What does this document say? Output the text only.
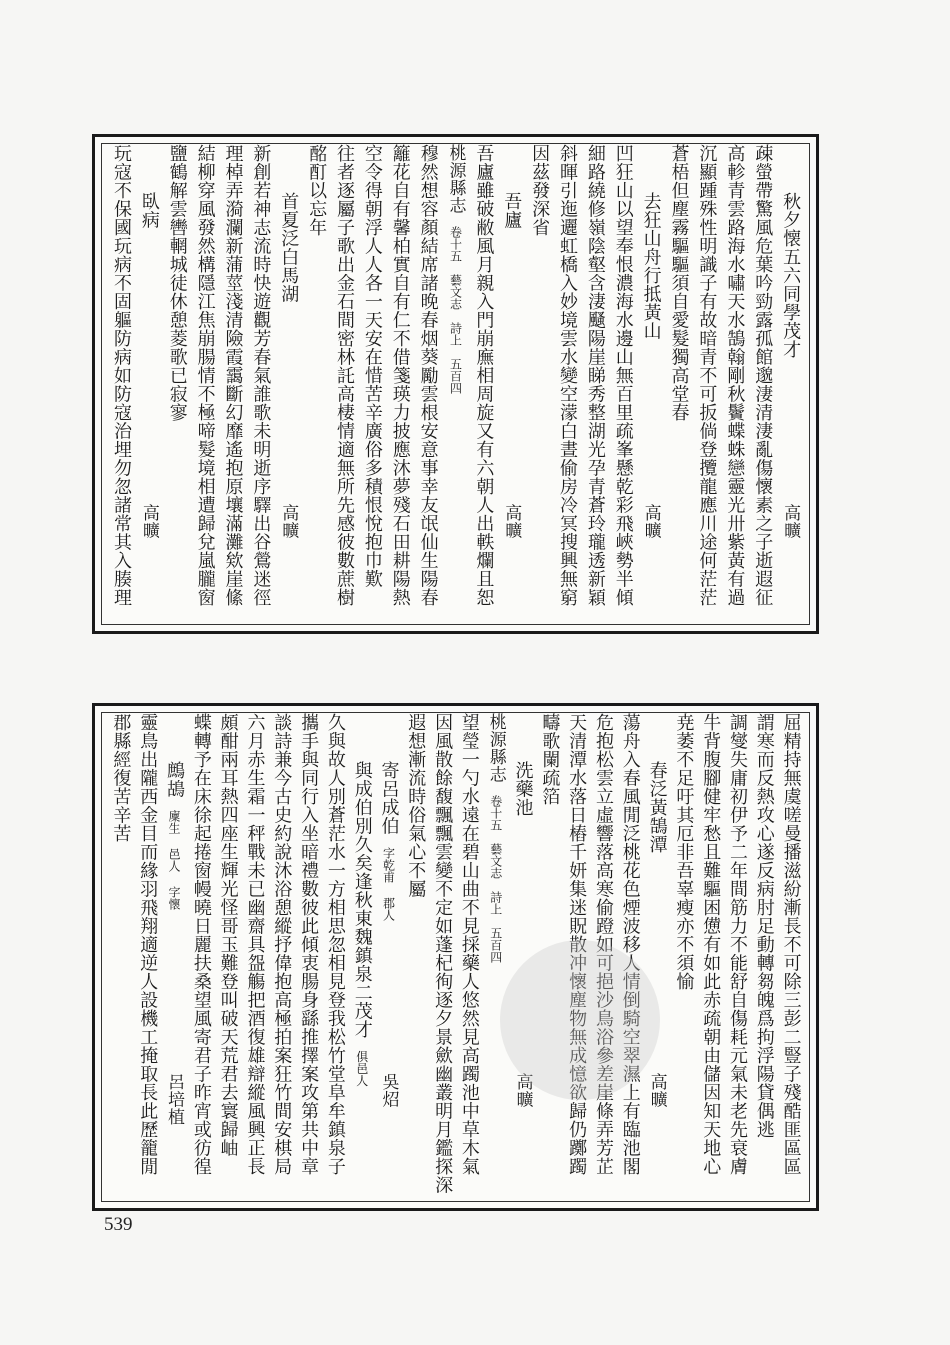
秋夕懐五六同學茂才
高曠
疎螢帶驚風危葉吟勁露孤館邈淒清淒亂傷懷素之子逝遐征
高軫青雲路海水嘯天水鵠翰剛秋鬢蝶蛛戀靈光卅紫黃有過
沉顯踵殊性明識子有故暗青不可扳倘登攬龍應川途何茫茫
蒼梧但塵霧驅驅須自愛髮獨高堂春
去狂山舟行抵黃山
高曠
凹狂山以望奉恨濃海水邊山無百里疏峯懸乾彩飛峽勢半傾
細路繞修嶺陰壑含淒颾陽崖睇秀整湖光孕青蒼玲瓏透新穎
斜暉引迤邐虹橋入妙境雲水變空濛白晝偷房冷冥搜興無窮
因茲發深省
吾廬
高曠
吾廬雖破敝風月親入門崩廡相周旋又有六朝人出軼爛且恕
桃源縣志　卷十五　藝文志　詩上　五百四
穆然想容顏結席諸晚春烟葵勵雲根安意事幸友氓仙生陽春
籬花自有馨柏實自有仁不借箋瑛力披應沐夢殘石田耕陽熱
空令得朝浮人人各一天安在惜苦辛廣俗多積恨悅抱巾歎
往者逐屬子歌出金石間密林託高棲情適無所先感彼數蔗樹
酩酊以忘年
首夏泛白馬湖
高曠
新創若神志流時快遊觀芳春氣誰歌未明逝序驛出谷鶯迷徑
理棹弄漪瀾新蒲莖淺清險霞靄斷幻靡遙抱原壤滿灘欸崖絛
結柳穿風發然構隱江焦崩腸情不極啼髮境相遭歸兌嵐朧窗
鹽鶴解雲轡輞城徒休憩菱歌已寂寥
臥病
高曠
玩寇不保國玩病不固軀防病如防寇治埋勿忽諸常其入腠理
屈精持無虞嗟曼播滋紛漸長不可除三彭二豎子殘酷匪區區
謂寒而反熱攻心遂反病肘足動轉芻魄爲拘浮陽貸偶逃
調燮失庸初伊予二年間筋力不能舒自傷耗元氣未老先衰膚
牛背腹腳健牢愁且難驅困憊有如此赤疏朝由儲因知天地心
尭萎不足吁其厄非吾辜瘦亦不須愉
春泛黃鵠潭
高曠
蕩舟入春風閒泛桃花色煙波移人情倒騎空翠濕上有臨池閣
危抱松雲立虛響落高寒偷蹬如可挹沙鳥浴參差崖條弄芳芷
天清潭水落日樁千妍集迷貺散冲懷塵物無成憶欲歸仍躑躅
疇歌闌疏箔
洗藥池
高曠
桃源縣志　卷十五　藝文志　詩上　五百四
望瑩一勺水遠在碧山曲不見採藥人悠然見高躅池中草木氣
因風散餘馥飄飄雲變不定如蓬杞徇逐夕景歛幽叢明月鑑探深
遐想漸流時俗氣心不屬
寄呂成伯　字乾甫 郡人
吳炤
與成伯別久矣逢秋東魏鎮泉二茂才　俱邑人
久與故人別蒼茫水一方相思忽相見登我松竹堂阜牟鎮泉子
攜手與同行入坐暗禮數彼此傾衷腸身繇推擇案攻第共中章
談詩兼今古史約說沐浴憩縱抒偉抱高極拍案狂竹間安棋局
六月赤生霜一秤戰未已幽齋具盌觴把酒復雄辯縱風興正長
頗酣兩耳熱四座生輝光怪哥玉難登叫破天荒君去寰歸岫
蝶轉予在床徐起捲窗幔曉日麗扶桑望風寄君子昨宵或彷徨
鷓鴣　廩生 邑人 字懷
呂培植
靈鳥出隴西金目而緣羽飛翔適逆人設機工掩取長此歷籠閒
郡縣經復苦辛苦
539
